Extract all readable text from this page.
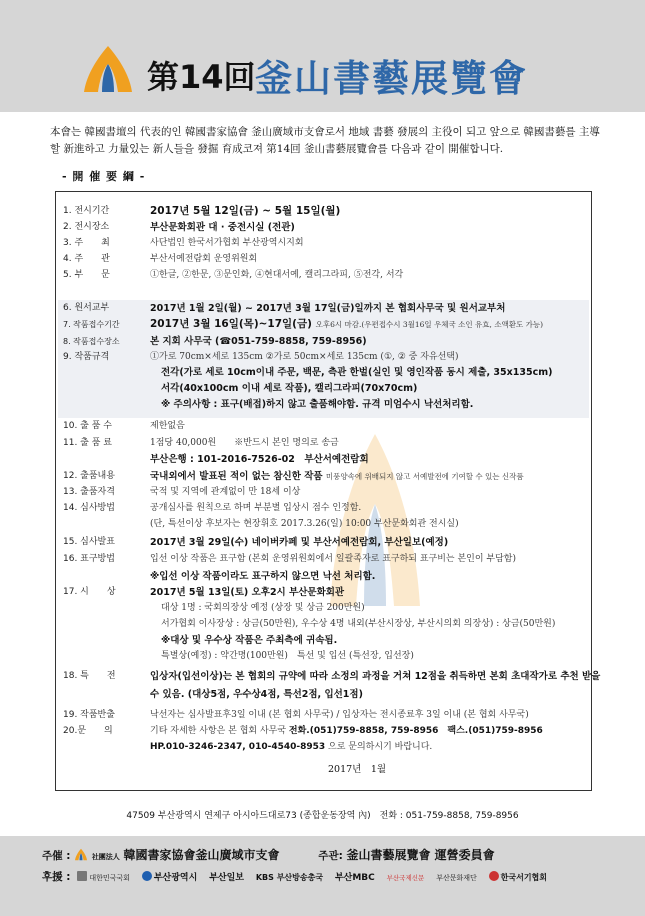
第14回 釜山書藝展覽會
本會는 韓國書壇의 代表的인 韓國書家協會 釜山廣域市支會로서 地域 書藝 發展의 主役이 되고 앞으로 韓國書藝를 主導 할 新進하고 力量있는 新人들을 發掘 育成코져 第14回 釜山書藝展覽會를 다음과 같이 開催합니다.
- 開 催 要 綱 -
1. 전시기간	2017년 5월 12일(금) ~ 5월 15일(월)
2. 전시장소	부산문화회관 대 · 중전시실 (전관)
3. 주　　최	사단법인 한국서가협회 부산광역시지회
4. 주　　관	부산서예전람회 운영위원회
5. 부　　문	①한글, ②한문, ③문인화, ④현대서예, 캘리그라피, ⑤전각, 서각
6. 원서교부	2017년 1월 2일(월) ~ 2017년 3월 17일(금)일까지 본 협회사무국 및 원서교부처
7. 작품접수기간	2017년 3월 16일(목)~17일(금) 오후6시 마감.(우편접수시 3월16일 우체국 소인 유효, 소액환도 가능)
8. 작품접수장소	본 지회 사무국 (☎051-759-8858, 759-8956)
9. 작품규격	①가로 70cm×세로 135cm ②가로 50cm×세로 135cm (①, ② 중 자유선택)
전각(가로 세로 10cm이내 주문, 백문, 측관 한벌(실인 및 영인작품 동시 제출, 35x135cm)
서각(40x100cm 이내 세로 작품), 캘리그라피(70x70cm)
※ 주의사항 : 표구(배접)하지 않고 출품해야함. 규격 미엄수시 낙선처리함.
10. 출 품 수	제한없음
11. 출 품 료	1점당 40,000원　　 ※반드시 본인 명의로 송금
부산은행 : 101-2016-7526-02　부산서예전람회
12. 출품내용	국내외에서 발표된 적이 없는 참신한 작품 미풍양속에 위배되지 않고 서예발전에 기여할 수 있는 신작품
13. 출품자격	국적 및 지역에 관계없이 만 18세 이상
14. 심사방법	공개심사를 원칙으로 하며 부분별 입상시 점수 인정함.
(단, 특선이상 후보자는 현장휘호 2017.3.26(일) 10:00 부산문화회관 전시실)
15. 심사발표	2017년 3월 29일(수) 네이버카페 및 부산서예전람회, 부산일보(예정)
16. 표구방법	입선 이상 작품은 표구함 (본회 운영위원회에서 일괄족자로 표구하되 표구비는 본인이 부담함)
※입선 이상 작품이라도 표구하지 않으면 낙선 처리함.
17. 시　　상	2017년 5월 13일(토) 오후2시 부산문화회관
대상 1명 : 국회의장상 예정 (상장 및 상금 200만원)
서가협회 이사장상 : 상금(50만원), 우수상 4명 내외(부산시장상, 부산시의회 의장상) : 상금(50만원)
※대상 및 우수상 작품은 주최측에 귀속됨.
특별상(예정) : 약간명(100만원)　특선 및 입선 (특선장, 입선장)
18. 특　　전	입상자(입선이상)는 본 협회의 규약에 따라 소정의 과정을 거쳐 12점을 취득하면 본회 초대작가로 추천 받을
수 있음. (대상5점, 우수상4점, 특선2점, 입선1점)
19. 작품반출	낙선자는 심사발표후3일 이내 (본 협회 사무국) / 입상자는 전시종료후 3일 이내 (본 협회 사무국)
20.문　　의	기타 자세한 사항은 본 협회 사무국 전화.(051)759-8858, 759-8956　팩스.(051)759-8956
HP.010-3246-2347, 010-4540-8953 으로 문의하시기 바랍니다.
2017년　1월
47509 부산광역시 연제구 아시아드대로73 (종합운동장역 內)　전화 : 051-759-8858, 759-8956
주催 :	社團法人 韓國書家協會釜山廣域市支會 　　　	주관: 釜山書藝展覽會 運營委員會
후援 :	대한민국국회	부산광역시 부산일보 KBS 부산방송총국 부산MBC 부산국제신문 부산문화재단	한국서기협회
